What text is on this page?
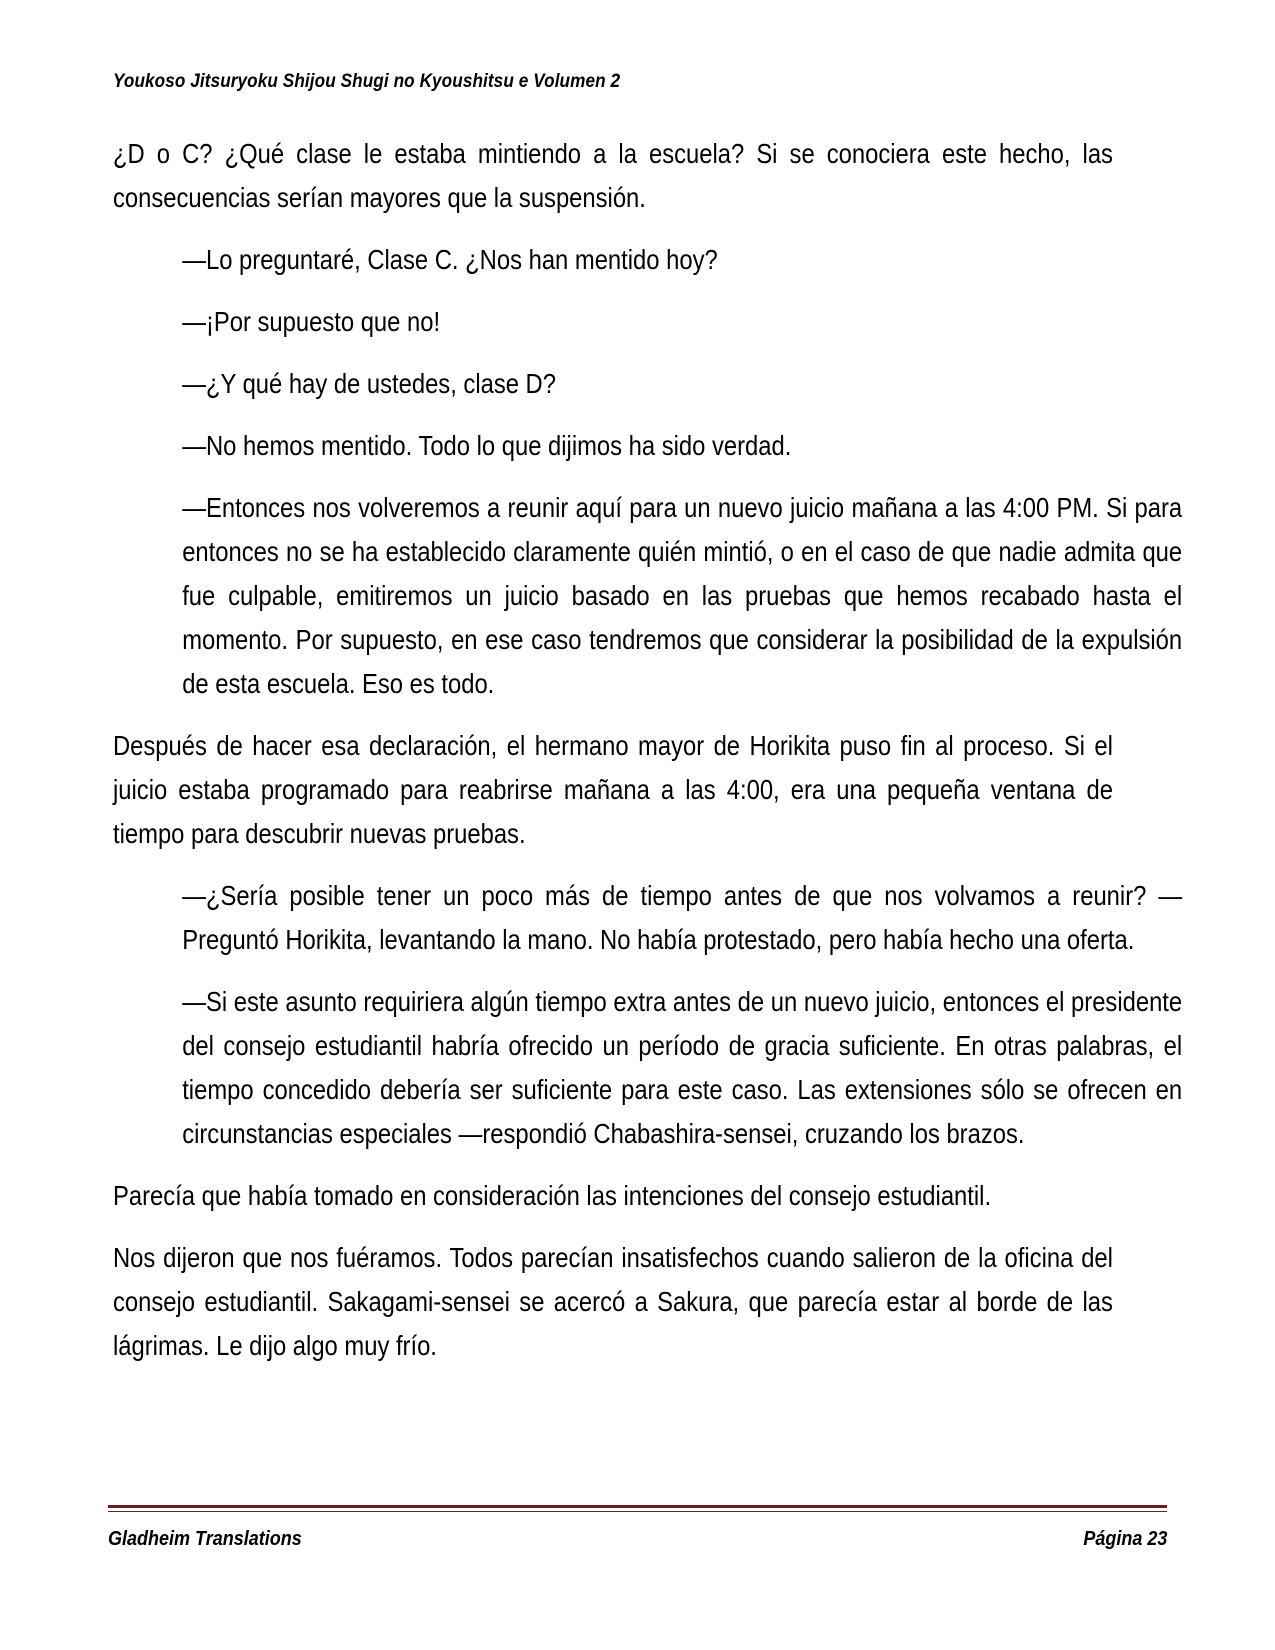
Youkoso Jitsuryoku Shijou Shugi no Kyoushitsu e Volumen 2

¿D o C? ¿Qué clase le estaba mintiendo a la escuela? Si se conociera este hecho, las consecuencias serían mayores que la suspensión.

—Lo preguntaré, Clase C. ¿Nos han mentido hoy?

—¡Por supuesto que no!

—¿Y qué hay de ustedes, clase D?

—No hemos mentido. Todo lo que dijimos ha sido verdad.

—Entonces nos volveremos a reunir aquí para un nuevo juicio mañana a las 4:00 PM. Si para entonces no se ha establecido claramente quién mintió, o en el caso de que nadie admita que fue culpable, emitiremos un juicio basado en las pruebas que hemos recabado hasta el momento. Por supuesto, en ese caso tendremos que considerar la posibilidad de la expulsión de esta escuela. Eso es todo.

Después de hacer esa declaración, el hermano mayor de Horikita puso fin al proceso. Si el juicio estaba programado para reabrirse mañana a las 4:00, era una pequeña ventana de tiempo para descubrir nuevas pruebas.

—¿Sería posible tener un poco más de tiempo antes de que nos volvamos a reunir? —Preguntó Horikita, levantando la mano. No había protestado, pero había hecho una oferta.

—Si este asunto requiriera algún tiempo extra antes de un nuevo juicio, entonces el presidente del consejo estudiantil habría ofrecido un período de gracia suficiente. En otras palabras, el tiempo concedido debería ser suficiente para este caso. Las extensiones sólo se ofrecen en circunstancias especiales —respondió Chabashira-sensei, cruzando los brazos.

Parecía que había tomado en consideración las intenciones del consejo estudiantil.

Nos dijeron que nos fuéramos. Todos parecían insatisfechos cuando salieron de la oficina del consejo estudiantil. Sakagami-sensei se acercó a Sakura, que parecía estar al borde de las lágrimas. Le dijo algo muy frío.

Gladheim Translations	Página 23
